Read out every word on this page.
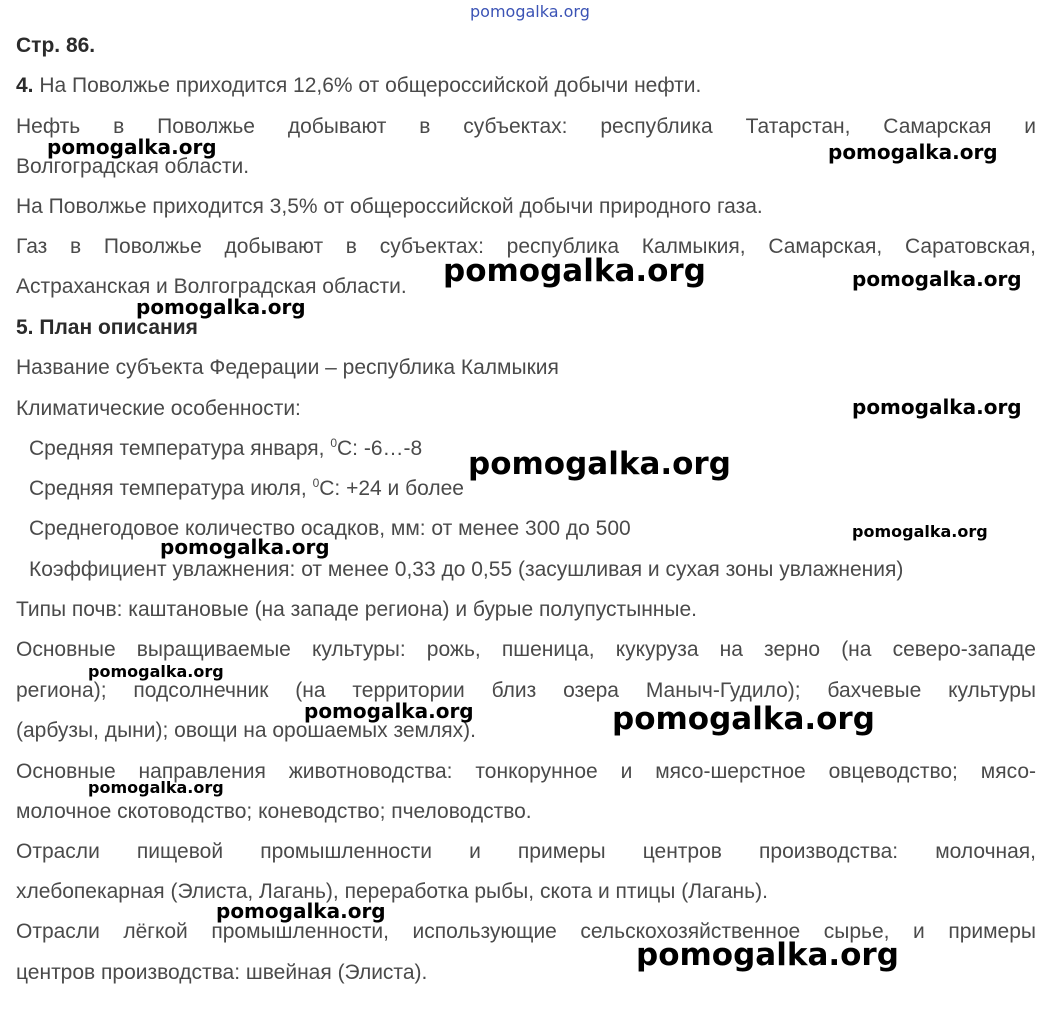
pomogalka.org
Стр. 86.
4. На Поволжье приходится 12,6% от общероссийской добычи нефти.
Нефть в Поволжье добывают в субъектах: республика Татарстан, Самарская и
Волгоградская области.
На Поволжье приходится 3,5% от общероссийской добычи природного газа.
Газ в Поволжье добывают в субъектах: республика Калмыкия, Самарская, Саратовская,
Астраханская и Волгоградская области.
5. План описания
Название субъекта Федерации – республика Калмыкия
Климатические особенности:
Средняя температура января, $^0$С: -6…-8
Средняя температура июля, $^0$С: +24 и более
Среднегодовое количество осадков, мм: от менее 300 до 500
Коэффициент увлажнения: от менее 0,33 до 0,55 (засушливая и сухая зоны увлажнения)
Типы почв: каштановые (на западе региона) и бурые полупустынные.
Основные выращиваемые культуры: рожь, пшеница, кукуруза на зерно (на северо-западе
региона); подсолнечник (на территории близ озера Маныч-Гудило); бахчевые культуры
(арбузы, дыни); овощи на орошаемых землях).
Основные направления животноводства: тонкорунное и мясо-шерстное овцеводство; мясо-
молочное скотоводство; коневодство; пчеловодство.
Отрасли пищевой промышленности и примеры центров производства: молочная,
хлебопекарная (Элиста, Лагань), переработка рыбы, скота и птицы (Лагань).
Отрасли лёгкой промышленности, использующие сельскохозяйственное сырье, и примеры
центров производства: швейная (Элиста).
pomogalka.org	pomogalka.org
pomogalka.org	pomogalka.org
pomogalka.org
pomogalka.org
pomogalka.org
pomogalka.org
pomogalka.org
pomogalka.org
pomogalka.org	pomogalka.org
pomogalka.org
pomogalka.org
pomogalka.org
